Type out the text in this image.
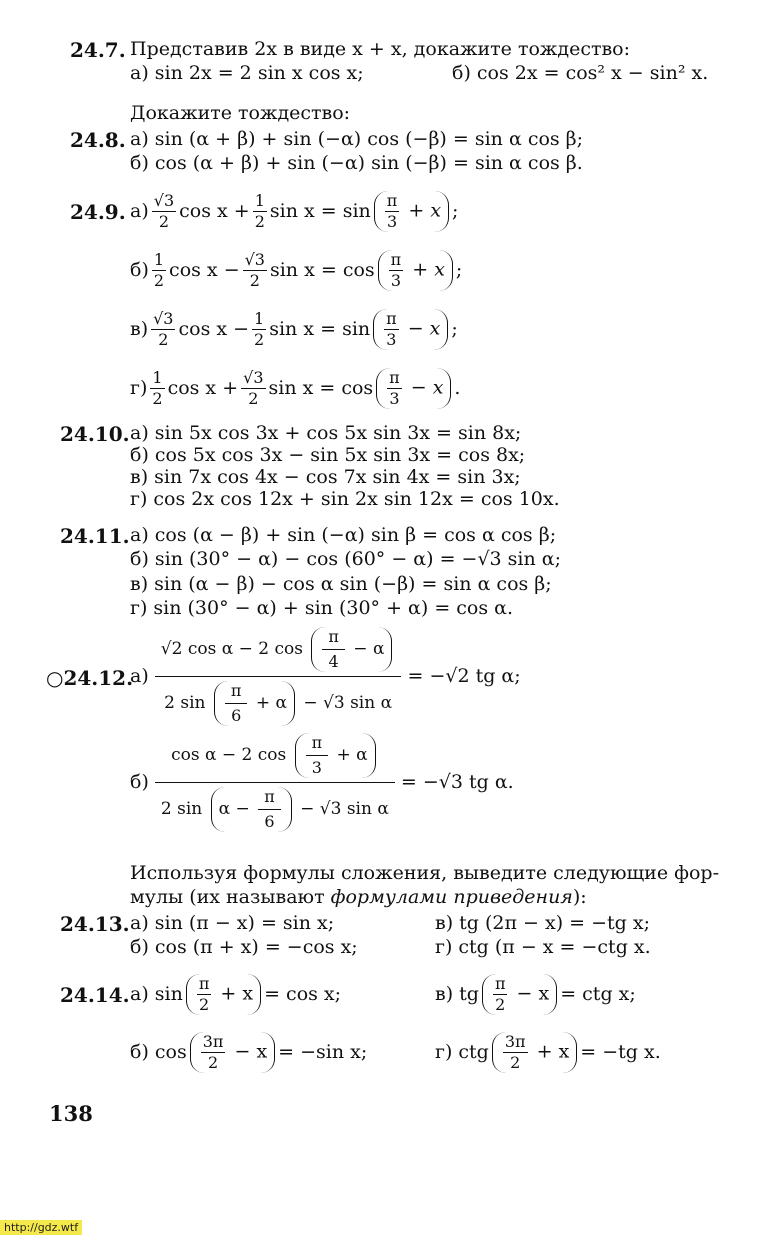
24.7. Представив 2x в виде x + x, докажите тождество:
а) sin 2x = 2 sin x cos x;	б) cos 2x = cos² x − sin² x.
Докажите тождество:
24.8. а) sin (α + β) + sin (−α) cos (−β) = sin α cos β;
б) cos (α + β) + sin (−α) sin (−β) = sin α cos β.
24.9. $а) \frac{√3}{2}$ cos x
+ $\frac{1}{2}$ sin x
= $\sin \frac{\pi}{3} + x$ ;
$б) \frac{1}{2}$ cos x
− $\frac{√3}{2}$ sin x
= $\cos \frac{\pi}{3} + x$ ;
$в) \frac{√3}{2}$ cos x
− $\frac{1}{2}$ sin x
= $\sin \frac{\pi}{3} - x$ ;
$г) \frac{1}{2}$ cos x
+ $\frac{√3}{2}$ sin x
= $\cos \frac{\pi}{3} - x$ .
24.10. а) sin 5x cos 3x + cos 5x sin 3x = sin 8x;
б) cos 5x cos 3x − sin 5x sin 3x = cos 8x;
в) sin 7x cos 4x − cos 7x sin 4x = sin 3x;
г) cos 2x cos 12x + sin 2x sin 12x = cos 10x.
24.11. а) cos (α − β) + sin (−α) sin β = cos α cos β;
б) sin (30° − α) − cos (60° − α) = −√3 sin α;
в) sin (α − β) − cos α sin (−β) = sin α cos β;
г) sin (30° − α) + sin (30° + α) = cos α.
○24.12.
а)
$\frac{√2 \cos \alpha - 2 \cos \frac{\pi}{4} - \alpha}{2 \sin \frac{\pi}{6} + \alpha - √3 \sin \alpha}$
= −√2 tg α;
б)
$\frac{\cos \alpha - 2 \cos \frac{\pi}{3} + \alpha}{2 \sin \alpha - \frac{\pi}{6} - √3 \sin \alpha}$
= −√3 tg α.
Используя формулы сложения, выведите следующие фор-
мулы (их называют формулами приведения):
24.13. а) sin (π − x) = sin x;
б) cos (π + x) = −cos x;
в) tg (2π − x) = −tg x;
г) ctg (π − x = −ctg x.
24.14. а) $\sin \frac{\pi}{2} + x = \cos x$;	в) tg $\frac{\pi}{2} - x$ = ctg x;
б) $\cos \frac{3\pi}{2} - x = -\sin$ x;	г) ctg $\frac{3\pi}{2} + x = -tg$ x.
138
http://gdz.wtf
